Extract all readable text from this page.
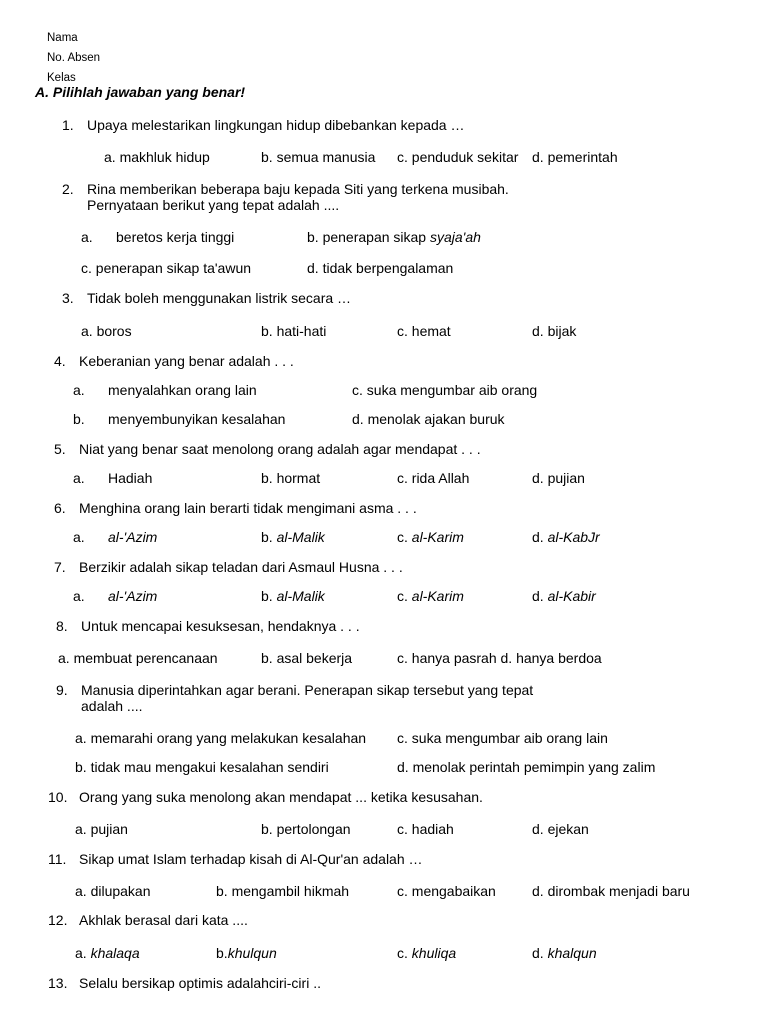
Nama
No. Absen
Kelas
A. Pilihlah jawaban yang benar!
1. Upaya melestarikan lingkungan hidup dibebankan kepada …
a. makhluk hidup	b. semua manusia c. penduduk sekitar d. pemerintah
2. Rina memberikan beberapa baju kepada Siti yang terkena musibah.
Pernyataan berikut yang tepat adalah ....
a. beretos kerja tinggi	b. penerapan sikap syaja'ah
c. penerapan sikap ta'awun	d. tidak berpengalaman
3. Tidak boleh menggunakan listrik secara …
a. boros	b. hati-hati	c. hemat	d. bijak
4. Keberanian yang benar adalah . . .
a. menyalahkan orang lain	c. suka mengumbar aib orang
b. menyembunyikan kesalahan	d. menolak ajakan buruk
5. Niat yang benar saat menolong orang adalah agar mendapat . . .
a. Hadiah	b. hormat	c. rida Allah	d. pujian
6. Menghina orang lain berarti tidak mengimani asma . . .
a. al-'Azim	b. al-Malik	c. al-Karim	d. al-KabJr
7. Berzikir adalah sikap teladan dari Asmaul Husna . . .
a. al-'Azim	b. al-Malik	c. al-Karim	d. al-Kabir
8. Untuk mencapai kesuksesan, hendaknya . . .
a. membuat perencanaan	b. asal bekerja	c. hanya pasrah d. hanya berdoa
9. Manusia diperintahkan agar berani. Penerapan sikap tersebut yang tepat
adalah ....
a. memarahi orang yang melakukan kesalahan c. suka mengumbar aib orang lain
b. tidak mau mengakui kesalahan sendiri	d. menolak perintah pemimpin yang zalim
10. Orang yang suka menolong akan mendapat ... ketika kesusahan.
a. pujian	b. pertolongan	c. hadiah	d. ejekan
11. Sikap umat Islam terhadap kisah di Al-Qur'an adalah …
a. dilupakan	b. mengambil hikmah	c. mengabaikan	d. dirombak menjadi baru
12. Akhlak berasal dari kata ....
a. khalaqa	b.khulqun	c. khuliqa	d. khalqun
13. Selalu bersikap optimis adalahciri-ciri ..
